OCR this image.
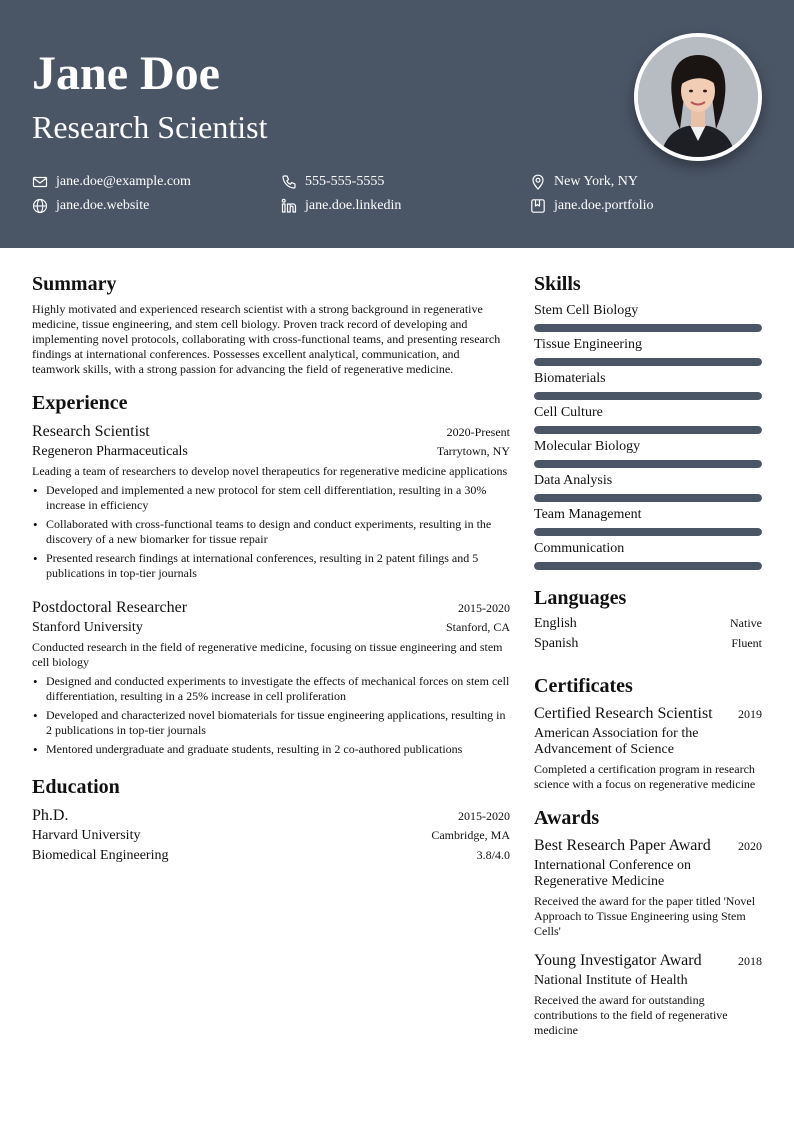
Jane Doe
Research Scientist
jane.doe@example.com	555-555-5555	New York, NY
jane.doe.website	jane.doe.linkedin	jane.doe.portfolio
Summary

Highly motivated and experienced research scientist with a strong background in regenerative medicine, tissue engineering, and stem cell biology. Proven track record of developing and implementing novel protocols, collaborating with cross-functional teams, and presenting research findings at international conferences. Possesses excellent analytical, communication, and teamwork skills, with a strong passion for advancing the field of regenerative medicine.

Experience
Research Scientist	2020-Present
Regeneron Pharmaceuticals	Tarrytown, NY
Leading a team of researchers to develop novel therapeutics for regenerative medicine applications
• Developed and implemented a new protocol for stem cell differentiation, resulting in a 30% increase in efficiency
• Collaborated with cross-functional teams to design and conduct experiments, resulting in the discovery of a new biomarker for tissue repair
• Presented research findings at international conferences, resulting in 2 patent filings and 5 publications in top-tier journals
Postdoctoral Researcher	2015-2020
Stanford University	Stanford, CA
Conducted research in the field of regenerative medicine, focusing on tissue engineering and stem cell biology
• Designed and conducted experiments to investigate the effects of mechanical forces on stem cell differentiation, resulting in a 25% increase in cell proliferation
• Developed and characterized novel biomaterials for tissue engineering applications, resulting in 2 publications in top-tier journals
• Mentored undergraduate and graduate students, resulting in 2 co-authored publications
Education
Ph.D.	2015-2020
Harvard University	Cambridge, MA
Biomedical Engineering	3.8/4.0
Skills
Stem Cell Biology
Tissue Engineering
Biomaterials
Cell Culture
Molecular Biology
Data Analysis
Team Management
Communication
Languages
English	Native
Spanish	Fluent
Certificates
Certified Research Scientist 2019
American Association for the Advancement of Science
Completed a certification program in research science with a focus on regenerative medicine
Awards
Best Research Paper Award 2020
International Conference on Regenerative Medicine
Received the award for the paper titled 'Novel Approach to Tissue Engineering using Stem Cells'
Young Investigator Award	2018
National Institute of Health
Received the award for outstanding contributions to the field of regenerative medicine
